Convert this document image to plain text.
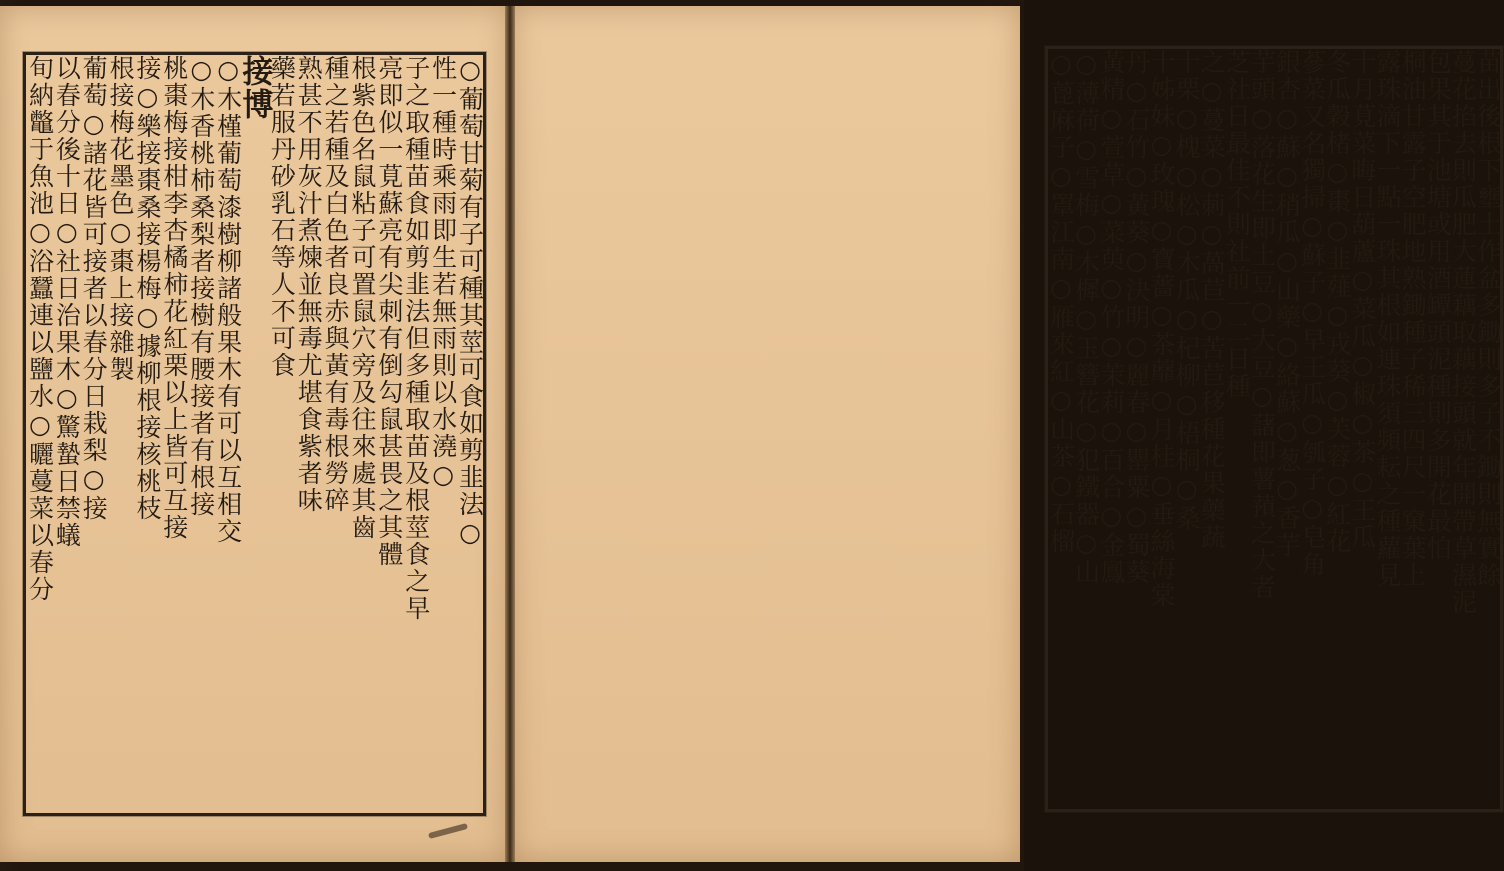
○葡萄甘菊有子可種其莖可食如剪韭法○
性一種時乘雨即生若無雨則以水澆○
子之取種苗食如剪韭法但多種取苗及根莖食之早
亮即似一莧蘇亮有尖刺有倒勾鼠甚畏之其體
根紫色名鼠粘子可置鼠穴旁及往來處其齒
種之若種及白色者良赤與黃有毒根勞碎
熟甚不用灰汁煮煉並無毒尤堪食紫者味
藥若服丹砂乳石等人不可食
接博
○木槿葡萄漆樹柳諸般果木有可以互相交
○木香桃柿桑梨者接樹有腰接者有根接
桃棗梅接柑李杏橘柿花紅栗以上皆可互接
接○樂接棗桑接楊梅○據柳根接核桃枝
根接梅花墨色○棗上接雜製
葡萄○諸花皆可接者以春分日栽梨○接
以春分後十日○社日治果木○驚蟄日禁蟻
旬納鼈于魚池○浴蠶連以鹽水○曬蔓菜以春分	苗出後根下壅土作盆多鋤則多子不鋤則無實餘
蔓花掐去則瓜肥大蓮藕取藕接頭就年開帶草濕泥
包果其于池塘或用酒罈頭泥種則多開花最怕
桐油甘露子空肥地熟鋤種子稀三四尺一窠葉上
露珠滴下一點一珠其根如連珠須頻耘之種蘿見
十月莧菜晦日葫蘆○菜瓜○椒○茶○王瓜
冬瓜穀楮○棗○韭薤○戎葵○芙蓉○紅花
蔘菜又名獨掃○蘇子○早王瓜○瓠子○皂角
銀杏○蘇○稍瓜○山藥○絡蘇○葱○香芋
芋頭○落花生即土豆○大豆○藷即薯蕷之大者
芝社日最佳不則社前一二日種
之○蔓菜○莿○萵苣○苦苣移種花果藥蔬
十栗○槐○松○木瓜○杞柳○梧桐○桑
十姊妹○玫瑰○寶薔○茶蘼○月桂○垂絲海棠
丹○石竹○黃葵○決明○麗春○罌粟○蜀葵
黃精○萱草○菜萸○竹○茉莉○百合○金鳳
○薄荷○雪梅○木樨○玉簪花○犯鐵器○山
○蓖麻子○罩江南○雁來紅○山茶○石榴
